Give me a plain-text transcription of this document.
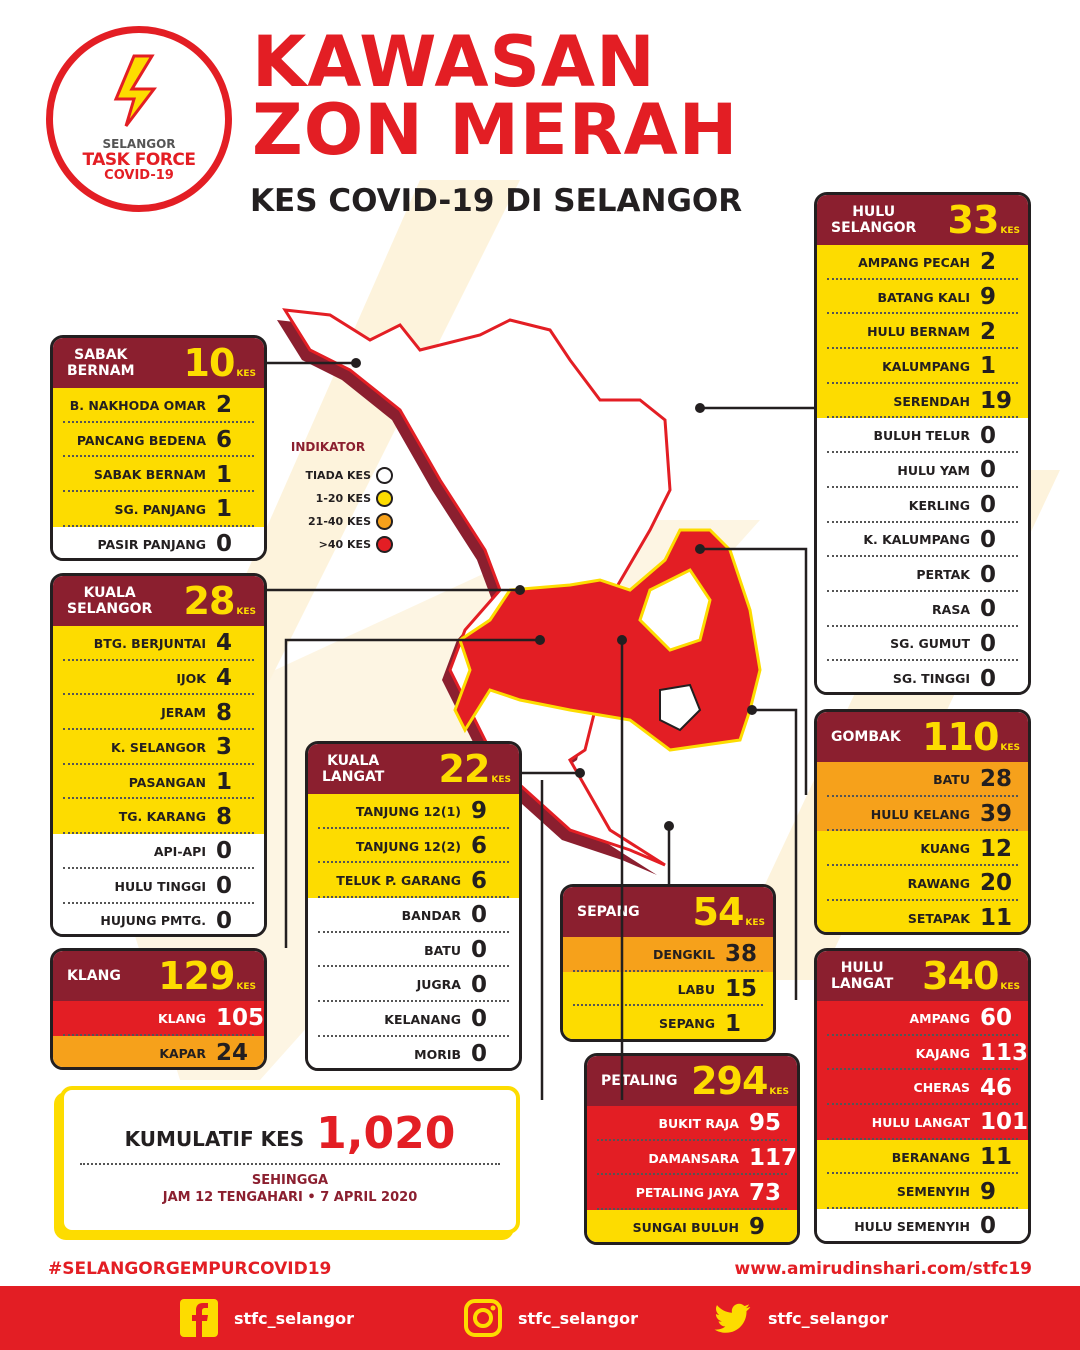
SELANGOR
TASK FORCE
COVID-19
KAWASAN
ZON MERAH
KES COVID-19 DI SELANGOR
INDIKATOR
TIADA KES
1-20 KES
21-40 KES
>40 KES
SABAK
BERNAM 10 KES
B. NAKHODA OMAR 2
PANCANG BEDENA 6
SABAK BERNAM 1
SG. PANJANG 1
PASIR PANJANG 0
KUALA
SELANGOR 28 KES
BTG. BERJUNTAI 4
IJOK 4
JERAM 8
K. SELANGOR 3
PASANGAN 1
TG. KARANG 8
API-API 0
HULU TINGGI 0
HUJUNG PMTG. 0
KLANG 129 KES
KLANG 105
KAPAR 24
KUALA
LANGAT 22 KES
TANJUNG 12(1) 9
TANJUNG 12(2) 6
TELUK P. GARANG 6
BANDAR 0
BATU 0
JUGRA 0
KELANANG 0
MORIB 0
SEPANG 54 KES
DENGKIL 38
LABU 15
SEPANG 1
PETALING 294 KES
BUKIT RAJA 95
DAMANSARA 117
PETALING JAYA 73
SUNGAI BULUH 9
HULU
SELANGOR 33 KES
AMPANG PECAH 2
BATANG KALI 9
HULU BERNAM 2
KALUMPANG 1
SERENDAH 19
BULUH TELUR 0
HULU YAM 0
KERLING 0
K. KALUMPANG 0
PERTAK 0
RASA 0
SG. GUMUT 0
SG. TINGGI 0
GOMBAK 110 KES
BATU 28
HULU KELANG 39
KUANG 12
RAWANG 20
SETAPAK 11
HULU
LANGAT 340 KES
AMPANG 60
KAJANG 113
CHERAS 46
HULU LANGAT 101
BERANANG 11
SEMENYIH 9
HULU SEMENYIH 0
KUMULATIF KES 1,020
SEHINGGA
JAM 12 TENGAHARI • 7 APRIL 2020
#SELANGORGEMPURCOVID19	www.amirudinshari.com/stfc19
stfc_selangor	stfc_selangor	stfc_selangor
